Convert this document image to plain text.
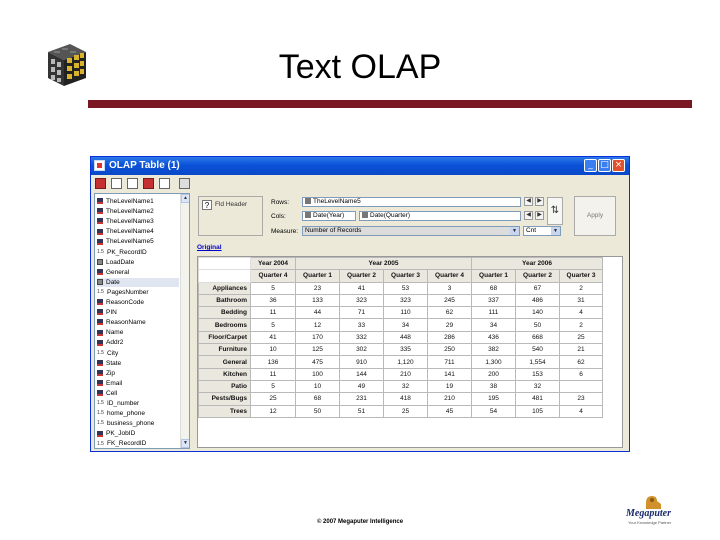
Text OLAP
OLAP Table (1)	_ □ ×
▲
▼
TheLevelName1
TheLevelName2
TheLevelName3
TheLevelName4
TheLevelName5
1.5 PK_RecordID
LoadDate
General
Date
1.5 PagesNumber
ReasonCode
PIN
ReasonName
Name
Addr2
1.5 City
State
Zip
Email
Cell
1.5 ID_number
1.5 home_phone
1.5 business_phone
PK_JobID
1.5 FK_RecordID
? Fld Header	Rows:	TheLevelName5	◀	▶
Cols:	Date(Year)	Date(Quarter)	◀	▶
Measure:	Number of Records	▼	Cnt	▼
⇅	Apply
Original
	Year 2004	Year 2005				Year 2006		
	Quarter 4	Quarter 1	Quarter 2	Quarter 3	Quarter 4	Quarter 1	Quarter 2	Quarter 3
Appliances	5	23	41	53	3	68	67	2
Bathroom	36	133	323	323	245	337	486	31
Bedding	11	44	71	110	62	111	140	4
Bedrooms	5	12	33	34	29	34	50	2
Floor/Carpet	41	170	332	448	286	436	668	25
Furniture	10	125	302	335	250	382	540	21
General	136	475	910	1,120	711	1,300	1,554	62
Kitchen	11	100	144	210	141	200	153	6
Patio	5	10	49	32	19	38	32	
Pests/Bugs	25	68	231	418	210	195	481	23
Trees	12	50	51	25	45	54	105	4
© 2007 Megaputer Intelligence
Megaputer
Your Knowledge Partner
